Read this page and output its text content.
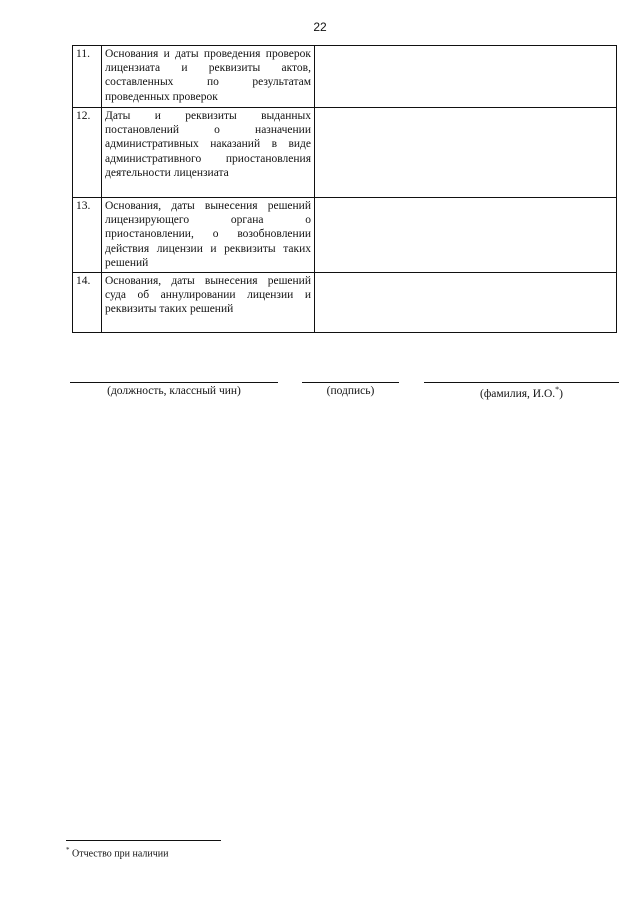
22
11.	Основания и даты проведения проверок лицензиата и реквизиты актов, составленных по результатам проведенных проверок	
12.	Даты и реквизиты выданных постановлений о назначении административных наказаний в виде административного приостановления деятельности лицензиата	
13.	Основания, даты вынесения решений лицензирующего органа о приостановлении, о возобновлении действия лицензии и реквизиты таких решений	
14.	Основания, даты вынесения решений суда об аннулировании лицензии и реквизиты таких решений	
(должность, классный чин)	(подпись)	(фамилия, И.О.*)
* Отчество при наличии
